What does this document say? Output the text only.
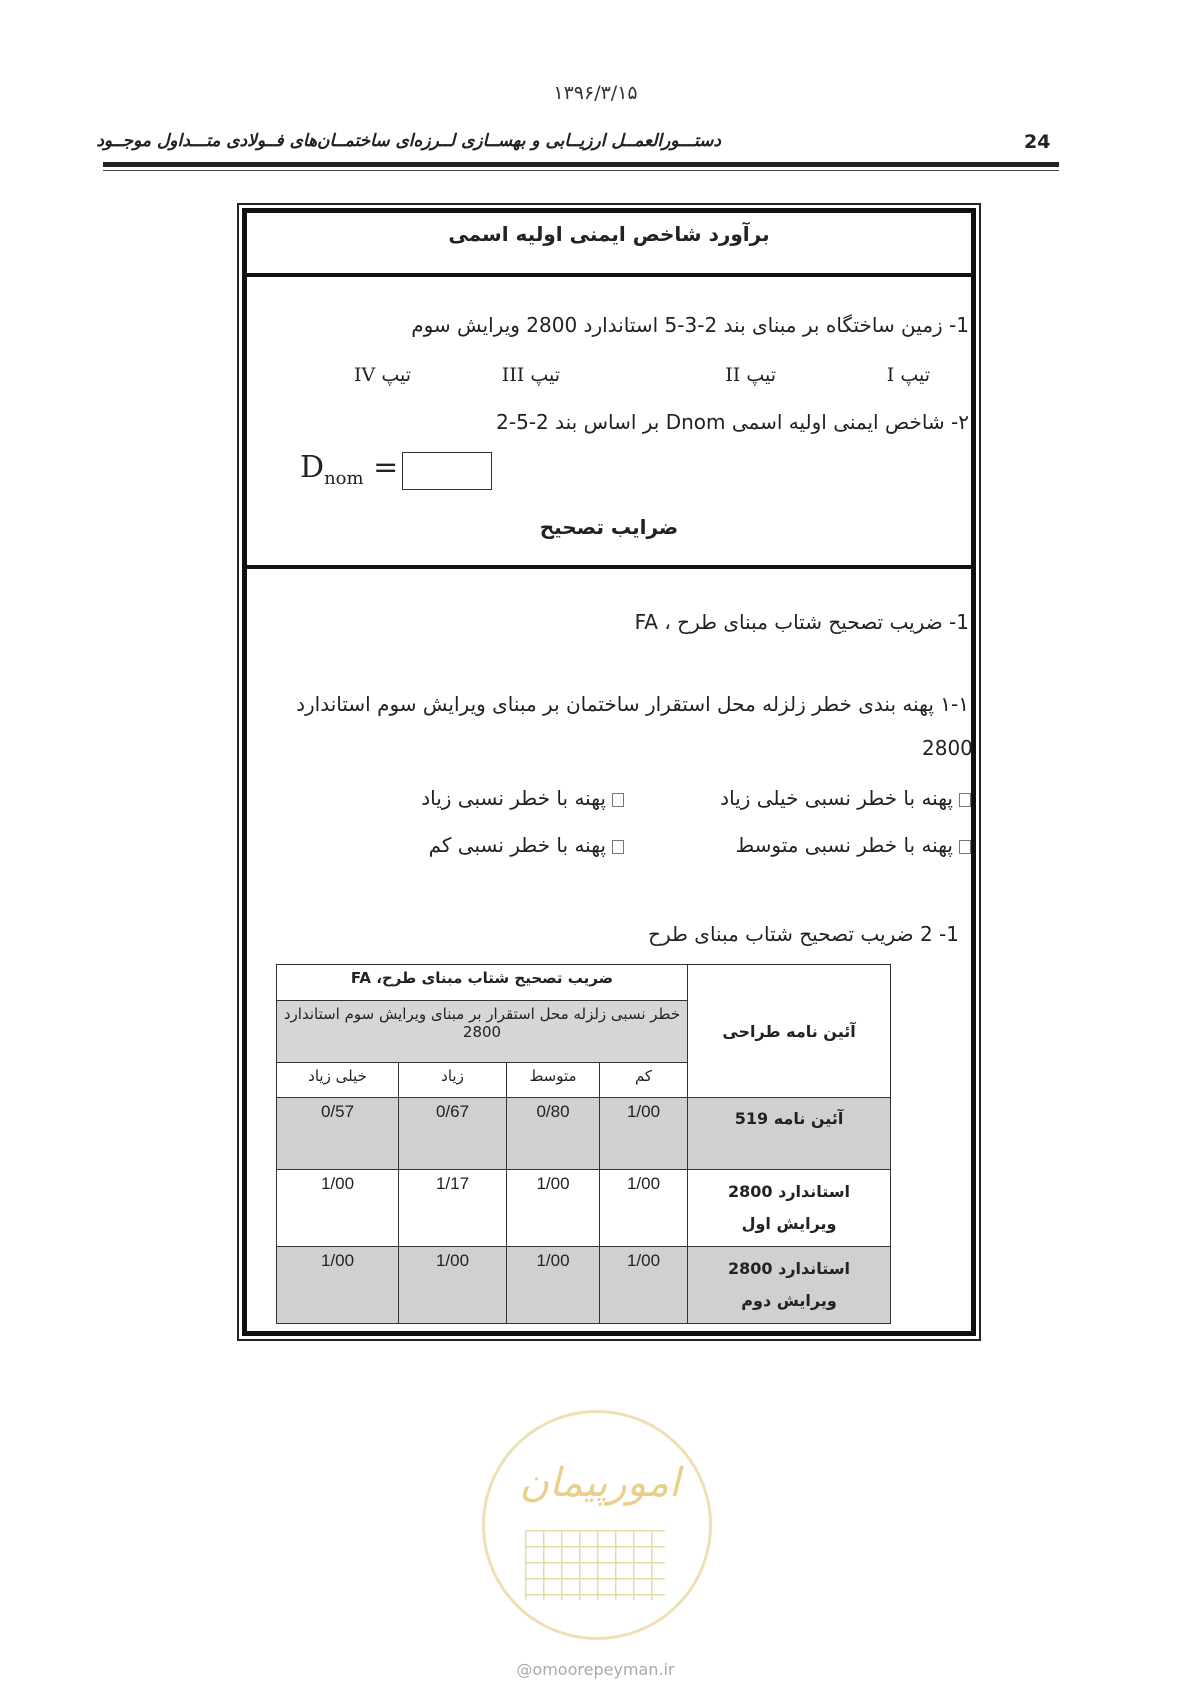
۱۳۹۶/۳/۱۵
دستـــورالعمــل ارزیــابی و بهســازی لــرزه‌ای ساختمــان‌های فــولادی متـــداول موجــود	24
برآورد شاخص ایمنی اولیه اسمی
1- زمین ساختگاه بر مبنای بند 2-3-5 استاندارد 2800 ویرایش سوم
تیپ I
تیپ II
تیپ III
تیپ IV
۲- شاخص ایمنی اولیه اسمی Dnom بر اساس بند 2-5-2
$D_{nom}$ =
ضرایب تصحیح
1- ضریب تصحیح شتاب مبنای طرح ، FA
۱-۱ پهنه بندی خطر زلزله محل استقرار ساختمان بر مبنای ویرایش سوم استاندارد
2800
پهنه با خطر نسبی خیلی زیاد
پهنه با خطر نسبی زیاد
پهنه با خطر نسبی متوسط
پهنه با خطر نسبی کم
1- 2 ضریب تصحیح شتاب مبنای طرح
ضریب تصحیح شتاب مبنای طرح، FA				آئین نامه طراحی
خطر نسبی زلزله محل استقرار بر مبنای ویرایش سوم استاندارد 2800				
خیلی زیاد	زیاد	متوسط	کم	
0/57	0/67	0/80	1/00	آئین نامه 519
1/00	1/17	1/00	1/00	استاندارد 2800 ویرایش اول
1/00	1/00	1/00	1/00	استاندارد 2800 ویرایش دوم
امورپیمان
@omoorepeyman.ir
